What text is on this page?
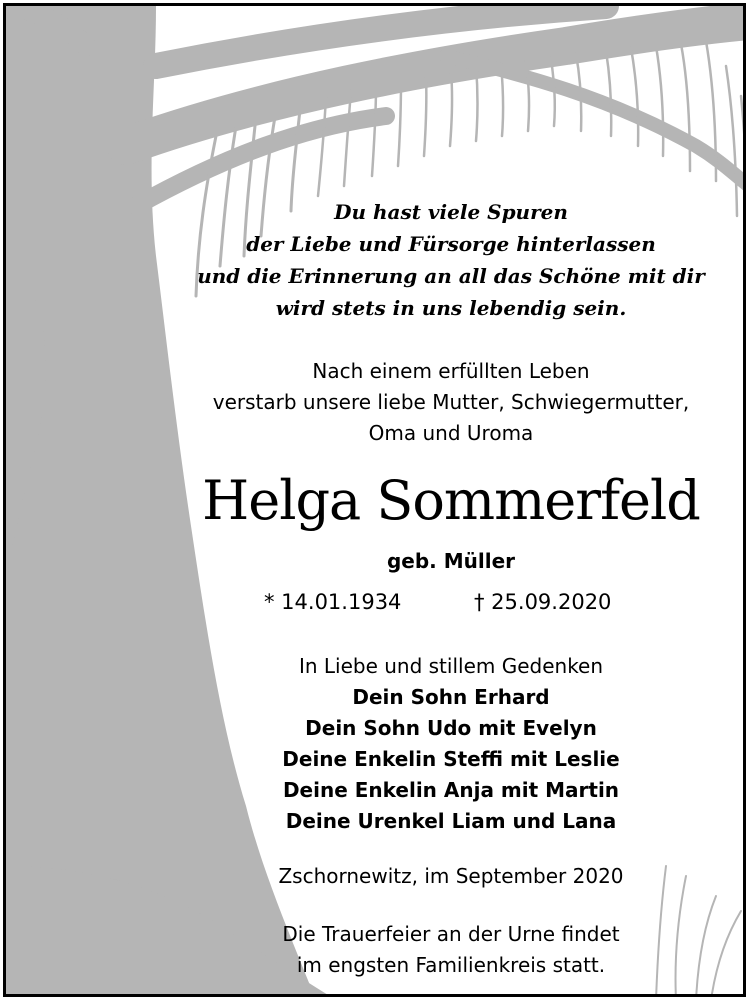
Du hast viele Spuren
der Liebe und Fürsorge hinterlassen
und die Erinnerung an all das Schöne mit dir
wird stets in uns lebendig sein.
Nach einem erfüllten Leben
verstarb unsere liebe Mutter, Schwiegermutter,
Oma und Uroma
Helga Sommerfeld
geb. Müller
* 14.01.1934	† 25.09.2020
In Liebe und stillem Gedenken
Dein Sohn Erhard
Dein Sohn Udo mit Evelyn
Deine Enkelin Steffi mit Leslie
Deine Enkelin Anja mit Martin
Deine Urenkel Liam und Lana
Zschornewitz, im September 2020
Die Trauerfeier an der Urne findet
im engsten Familienkreis statt.
